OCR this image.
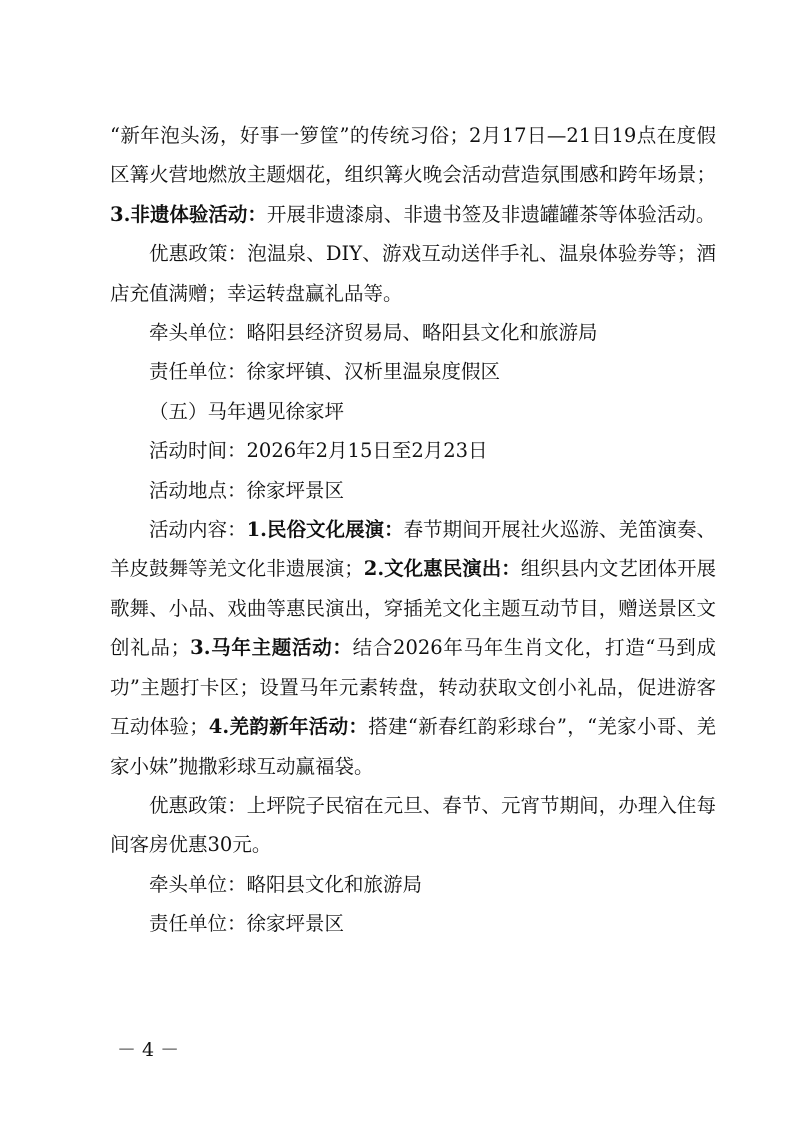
“新年泡头汤，好事一箩筐”的传统习俗；2月17日—21日19点在度假区篝火营地燃放主题烟花，组织篝火晚会活动营造氛围感和跨年场景；3.非遗体验活动：开展非遗漆扇、非遗书签及非遗罐罐茶等体验活动。

优惠政策：泡温泉、DIY、游戏互动送伴手礼、温泉体验券等；酒店充值满赠；幸运转盘赢礼品等。

牵头单位：略阳县经济贸易局、略阳县文化和旅游局

责任单位：徐家坪镇、汉析里温泉度假区

（五）马年遇见徐家坪

活动时间：2026年2月15日至2月23日

活动地点：徐家坪景区

活动内容：1.民俗文化展演：春节期间开展社火巡游、羌笛演奏、羊皮鼓舞等羌文化非遗展演；2.文化惠民演出：组织县内文艺团体开展歌舞、小品、戏曲等惠民演出，穿插羌文化主题互动节目，赠送景区文创礼品；3.马年主题活动：结合2026年马年生肖文化，打造“马到成功”主题打卡区；设置马年元素转盘，转动获取文创小礼品，促进游客互动体验；4.羌韵新年活动：搭建“新春红韵彩球台”，“羌家小哥、羌家小妹”抛撒彩球互动赢福袋。

优惠政策：上坪院子民宿在元旦、春节、元宵节期间，办理入住每间客房优惠30元。

牵头单位：略阳县文化和旅游局

责任单位：徐家坪景区

－ 4 －
